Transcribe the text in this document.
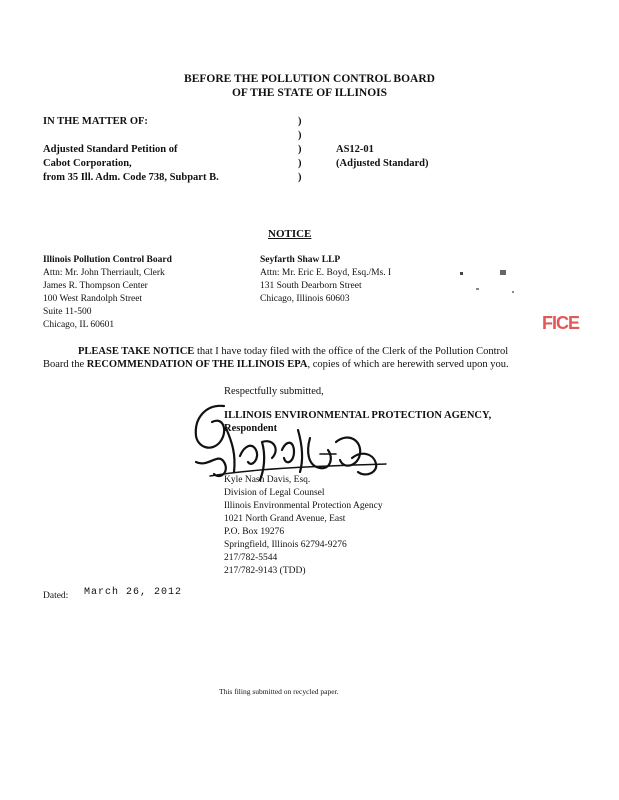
BEFORE THE POLLUTION CONTROL BOARD
OF THE STATE OF ILLINOIS
IN THE MATTER OF:
Adjusted Standard Petition of
Cabot Corporation,
from 35 Ill. Adm. Code 738, Subpart B.
)
)
)
)
)
AS12-01
(Adjusted Standard)
NOTICE
Illinois Pollution Control Board
Attn: Mr. John Therriault, Clerk
James R. Thompson Center
100 West Randolph Street
Suite 11-500
Chicago, IL 60601
Seyfarth Shaw LLP
Attn: Mr. Eric E. Boyd, Esq./Ms. I
131 South Dearborn Street
Chicago, Illinois 60603
FICE
PLEASE TAKE NOTICE that I have today filed with the office of the Clerk of the Pollution Control
Board the RECOMMENDATION OF THE ILLINOIS EPA, copies of which are herewith served upon you.
Respectfully submitted,
ILLINOIS ENVIRONMENTAL PROTECTION AGENCY,
Respondent
Kyle Nash Davis, Esq.
Division of Legal Counsel
Illinois Environmental Protection Agency
1021 North Grand Avenue, East
P.O. Box 19276
Springfield, Illinois 62794-9276
217/782-5544
217/782-9143 (TDD)
Dated: March 26, 2012
This filing submitted on recycled paper.
